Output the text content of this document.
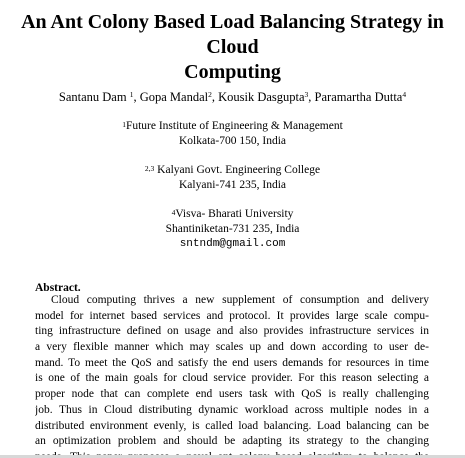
An Ant Colony Based Load Balancing Strategy in Cloud
Computing
Santanu Dam $^1$, Gopa Mandal$^2$, Kousik Dasgupta$^3$, Paramartha Dutta$^4$
$^1$Future Institute of Engineering & Management
Kolkata-700 150, India
$^{2,3}$ Kalyani Govt. Engineering College
Kalyani-741 235, India
$^4$Visva- Bharati University
Shantiniketan-731 235, India
sntndm@gmail.com
Abstract.
Cloud computing thrives a new supplement of consumption and delivery
model for internet based services and protocol. It provides large scale compu-
ting infrastructure defined on usage and also provides infrastructure services in
a very flexible manner which may scales up and down according to user de-
mand. To meet the QoS and satisfy the end users demands for resources in time
is one of the main goals for cloud service provider. For this reason selecting a
proper node that can complete end users task with QoS is really challenging
job. Thus in Cloud distributing dynamic workload across multiple nodes in a
distributed environment evenly, is called load balancing. Load balancing can be
an optimization problem and should be adapting its strategy to the changing
